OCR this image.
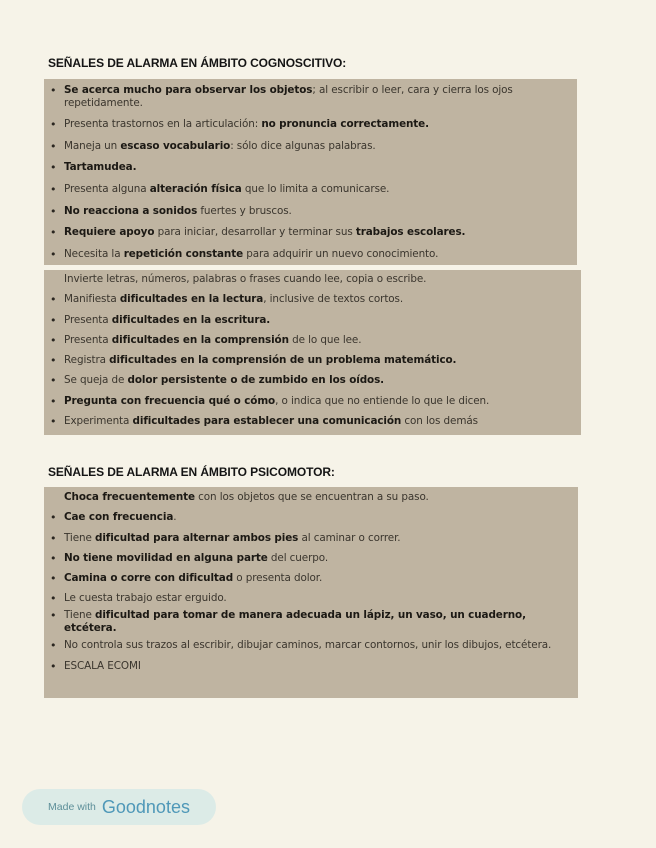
SEÑALES DE ALARMA EN ÁMBITO COGNOSCITIVO:
• Se acerca mucho para observar los objetos; al escribir o leer, cara y cierra los ojos repetidamente.
• Presenta trastornos en la articulación: no pronuncia correctamente.
• Maneja un escaso vocabulario: sólo dice algunas palabras.
• Tartamudea.
• Presenta alguna alteración física que lo limita a comunicarse.
• No reacciona a sonidos fuertes y bruscos.
• Requiere apoyo para iniciar, desarrollar y terminar sus trabajos escolares.
• Necesita la repetición constante para adquirir un nuevo conocimiento.
Invierte letras, números, palabras o frases cuando lee, copia o escribe.
• Manifiesta dificultades en la lectura, inclusive de textos cortos.
• Presenta dificultades en la escritura.
• Presenta dificultades en la comprensión de lo que lee.
• Registra dificultades en la comprensión de un problema matemático.
• Se queja de dolor persistente o de zumbido en los oídos.
• Pregunta con frecuencia qué o cómo, o indica que no entiende lo que le dicen.
• Experimenta dificultades para establecer una comunicación con los demás
SEÑALES DE ALARMA EN ÁMBITO PSICOMOTOR:
Choca frecuentemente con los objetos que se encuentran a su paso.
• Cae con frecuencia.
• Tiene dificultad para alternar ambos pies al caminar o correr.
• No tiene movilidad en alguna parte del cuerpo.
• Camina o corre con dificultad o presenta dolor.
• Le cuesta trabajo estar erguido.
• Tiene dificultad para tomar de manera adecuada un lápiz, un vaso, un cuaderno, etcétera.
• No controla sus trazos al escribir, dibujar caminos, marcar contornos, unir los dibujos, etcétera.
• ESCALA ECOMI
Made with Goodnotes
